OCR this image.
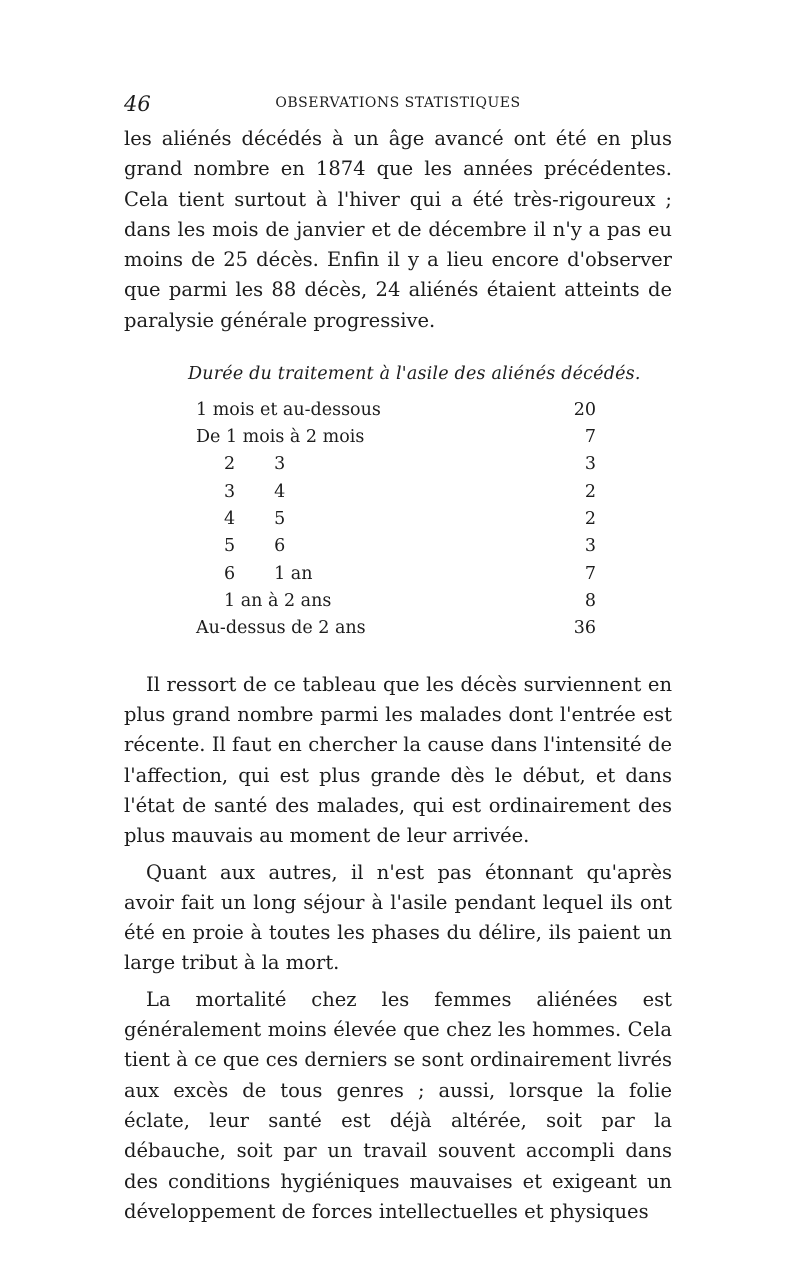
46	OBSERVATIONS STATISTIQUES

les aliénés décédés à un âge avancé ont été en plus grand nombre en 1874 que les années précédentes. Cela tient surtout à l'hiver qui a été très-rigoureux ; dans les mois de janvier et de décembre il n'y a pas eu moins de 25 décès. Enfin il y a lieu encore d'observer que parmi les 88 décès, 24 aliénés étaient atteints de paralysie générale progressive.

Durée du traitement à l'asile des aliénés décédés.
1 mois et au-dessous		20
De 1 mois à 2 mois		7
2       3		3
3       4		2
4       5		2
5       6		3
6       1 an		7
1 an à 2 ans		8
Au-dessus de 2 ans		36

Il ressort de ce tableau que les décès surviennent en plus grand nombre parmi les malades dont l'entrée est récente. Il faut en chercher la cause dans l'intensité de l'affection, qui est plus grande dès le début, et dans l'état de santé des malades, qui est ordinairement des plus mauvais au moment de leur arrivée.

Quant aux autres, il n'est pas étonnant qu'après avoir fait un long séjour à l'asile pendant lequel ils ont été en proie à toutes les phases du délire, ils paient un large tribut à la mort.

La mortalité chez les femmes aliénées est généralement moins élevée que chez les hommes. Cela tient à ce que ces derniers se sont ordinairement livrés aux excès de tous genres ; aussi, lorsque la folie éclate, leur santé est déjà altérée, soit par la débauche, soit par un travail souvent accompli dans des conditions hygiéniques mauvaises et exigeant un développement de forces intellectuelles et physiques
